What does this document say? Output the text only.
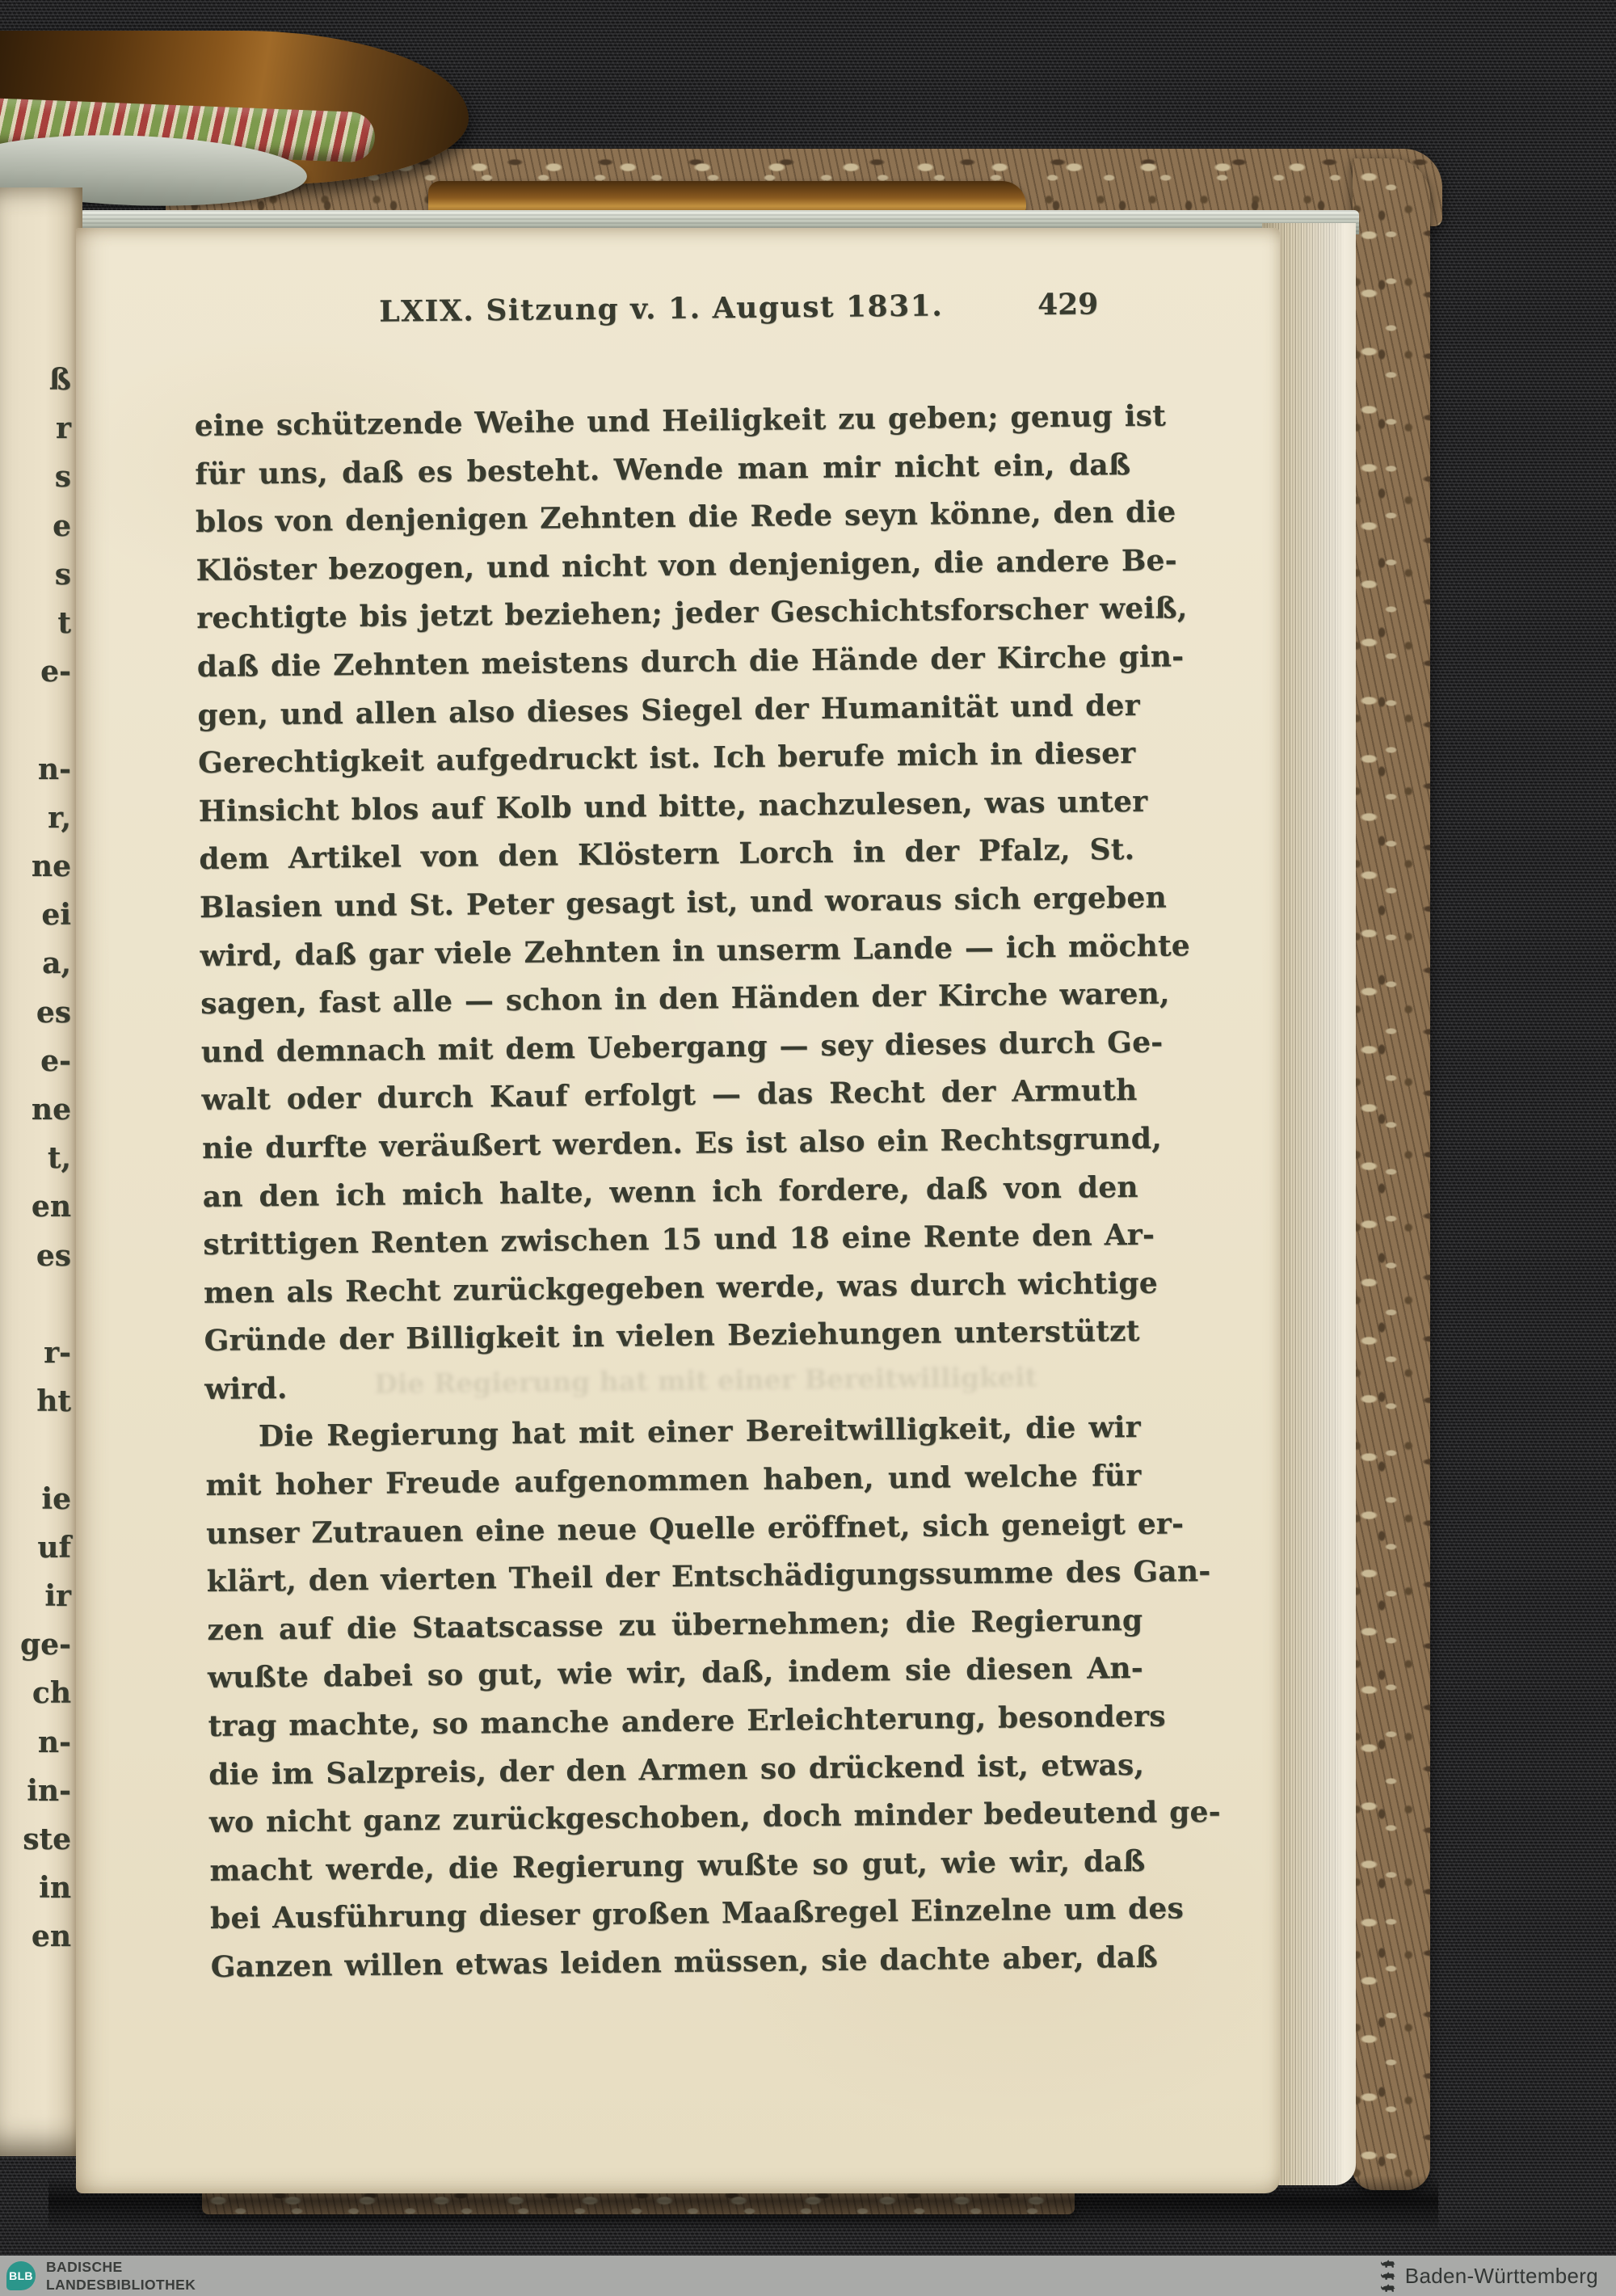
ß
r
s
e
s
t
e-
n-
r,
ne
ei
a,
es
e-
ne
t,
en
es
r-
ht
ie
uf
ir
ge-
ch
n-
in-
ste
in
en
LXIX. Sitzung v. 1. August 1831.	429
eine schützende Weihe und Heiligkeit zu geben; genug ist
für uns, daß es besteht. Wende man mir nicht ein, daß
blos von denjenigen Zehnten die Rede seyn könne, den die
Klöster bezogen, und nicht von denjenigen, die andere Be-
rechtigte bis jetzt beziehen; jeder Geschichtsforscher weiß,
daß die Zehnten meistens durch die Hände der Kirche gin-
gen, und allen also dieses Siegel der Humanität und der
Gerechtigkeit aufgedruckt ist. Ich berufe mich in dieser
Hinsicht blos auf Kolb und bitte, nachzulesen, was unter
dem Artikel von den Klöstern Lorch in der Pfalz, St.
Blasien und St. Peter gesagt ist, und woraus sich ergeben
wird, daß gar viele Zehnten in unserm Lande — ich möchte
sagen, fast alle — schon in den Händen der Kirche waren,
und demnach mit dem Uebergang — sey dieses durch Ge-
walt oder durch Kauf erfolgt — das Recht der Armuth
nie durfte veräußert werden. Es ist also ein Rechtsgrund,
an den ich mich halte, wenn ich fordere, daß von den
strittigen Renten zwischen 15 und 18 eine Rente den Ar-
men als Recht zurückgegeben werde, was durch wichtige
Gründe der Billigkeit in vielen Beziehungen unterstützt
wird.
Die Regierung hat mit einer Bereitwilligkeit, die wir
mit hoher Freude aufgenommen haben, und welche für
unser Zutrauen eine neue Quelle eröffnet, sich geneigt er-
klärt, den vierten Theil der Entschädigungssumme des Gan-
zen auf die Staatscasse zu übernehmen; die Regierung
wußte dabei so gut, wie wir, daß, indem sie diesen An-
trag machte, so manche andere Erleichterung, besonders
die im Salzpreis, der den Armen so drückend ist, etwas,
wo nicht ganz zurückgeschoben, doch minder bedeutend ge-
macht werde, die Regierung wußte so gut, wie wir, daß
bei Ausführung dieser großen Maaßregel Einzelne um des
Ganzen willen etwas leiden müssen, sie dachte aber, daß
Die Regierung hat mit einer Bereitwilligkeit
BLB
BADISCHE
LANDESBIBLIOTHEK	Baden-Württemberg
